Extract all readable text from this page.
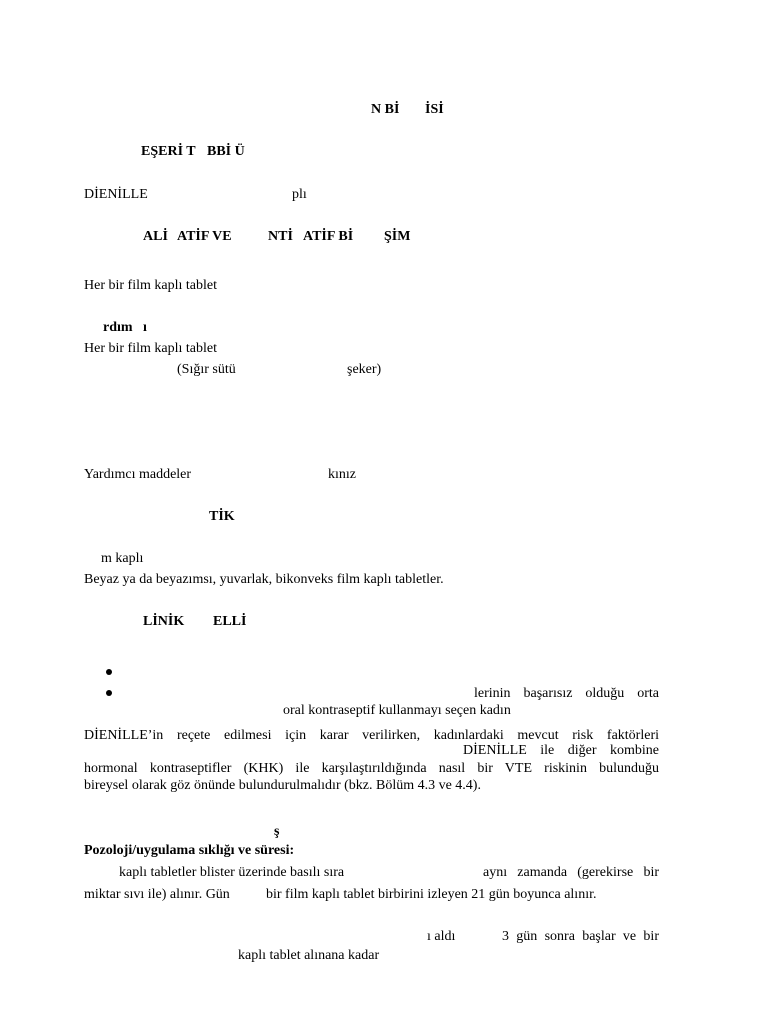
N Bİ İSİ
EŞERİ T BBİ Ü
DİENİLLE	plı
ALİ ATİF VE	NTİ ATİF Bİ ŞİM
Her bir film kaplı tablet
rdım ı
Her bir film kaplı tablet
(Sığır sütü	şeker)
Yardımcı maddeler	kınız
TİK
m kaplı
Beyaz ya da beyazımsı, yuvarlak, bikonveks film kaplı tabletler.
LİNİK ELLİ
lerinin başarısız olduğu orta
oral kontraseptif kullanmayı seçen kadın
DİENİLLE’in reçete edilmesi için karar verilirken, kadınlardaki mevcut risk faktörleri
DİENİLLE ile diğer kombine
hormonal kontraseptifler (KHK) ile karşılaştırıldığında nasıl bir VTE riskinin bulunduğu
bireysel olarak göz önünde bulundurulmalıdır (bkz. Bölüm 4.3 ve 4.4).
ş
Pozoloji/uygulama sıklığı ve süresi:
kaplı tabletler blister üzerinde basılı sıra	aynı zamanda (gerekirse bir
miktar sıvı ile) alınır. Gün	bir film kaplı tablet birbirini izleyen 21 gün boyunca alınır.
ı aldı	3 gün sonra başlar ve bir
kaplı tablet alınana kadar
